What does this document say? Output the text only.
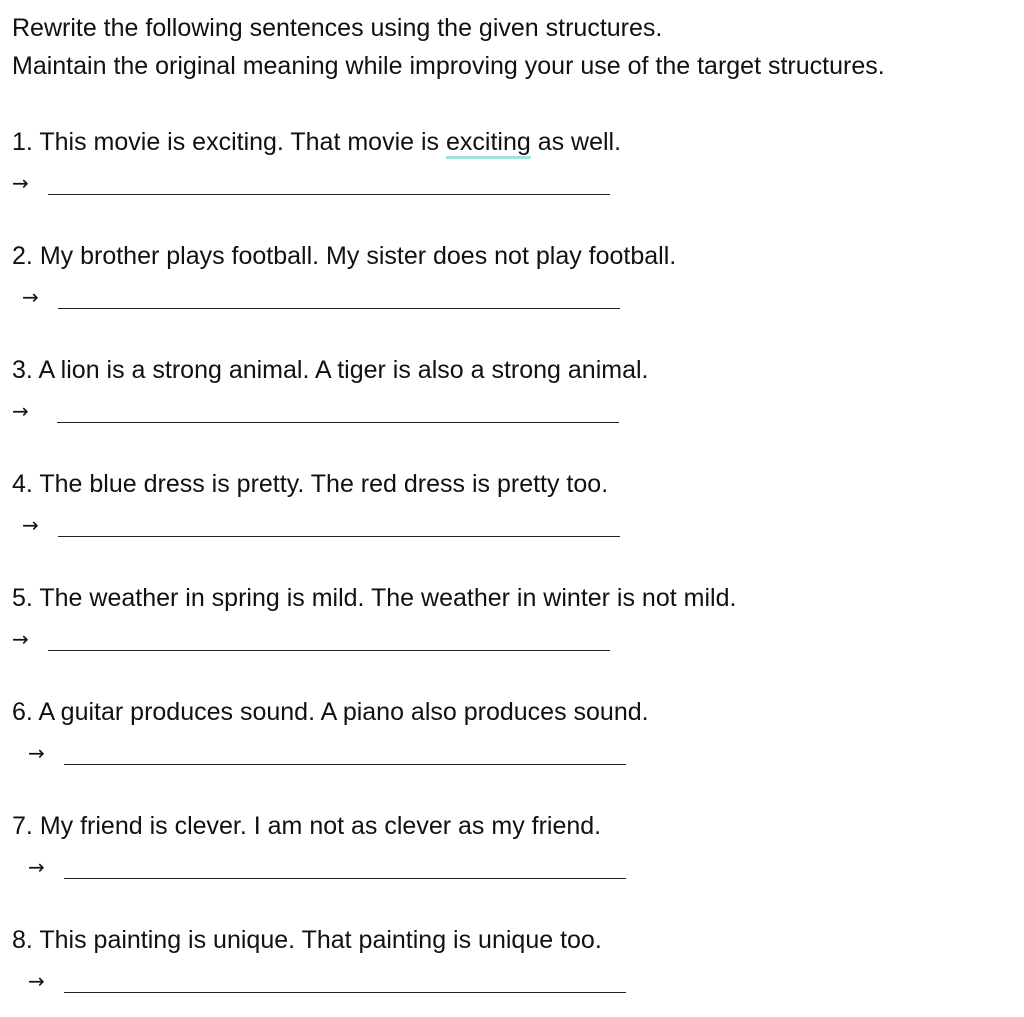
Rewrite the following sentences using the given structures.
Maintain the original meaning while improving your use of the target structures.
1. This movie is exciting. That movie is exciting as well.
→
2. My brother plays football. My sister does not play football.
→
3. A lion is a strong animal. A tiger is also a strong animal.
→
4. The blue dress is pretty. The red dress is pretty too.
→
5. The weather in spring is mild. The weather in winter is not mild.
→
6. A guitar produces sound. A piano also produces sound.
→
7. My friend is clever. I am not as clever as my friend.
→
8. This painting is unique. That painting is unique too.
→
